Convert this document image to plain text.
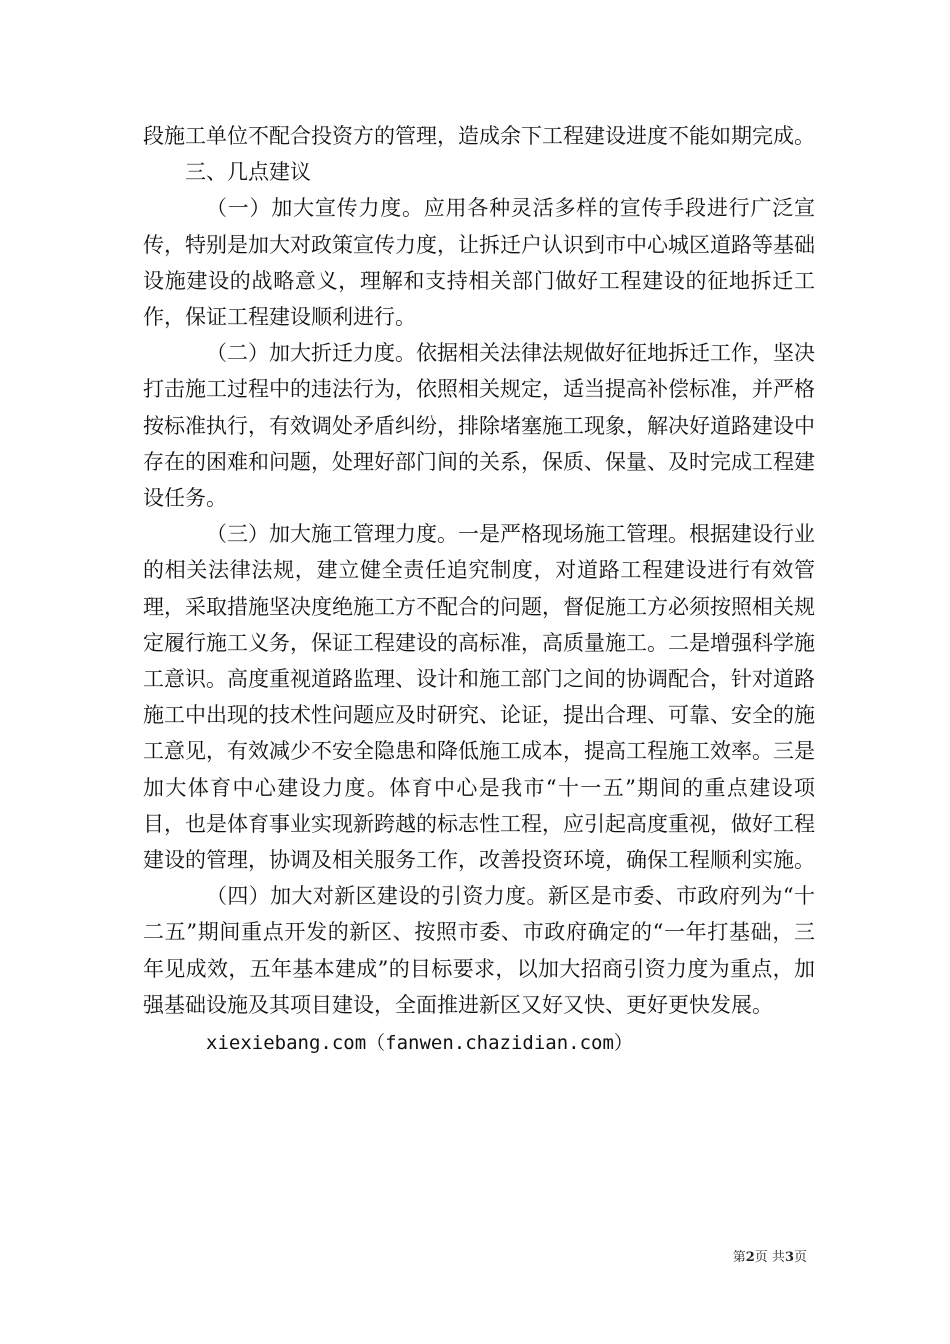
段施工单位不配合投资方的管理，造成余下工程建设进度不能如期完成。

三、几点建议

（一）加大宣传力度。应用各种灵活多样的宣传手段进行广泛宣传，特别是加大对政策宣传力度，让拆迁户认识到市中心城区道路等基础设施建设的战略意义，理解和支持相关部门做好工程建设的征地拆迁工作，保证工程建设顺利进行。

（二）加大折迁力度。依据相关法律法规做好征地拆迁工作，坚决打击施工过程中的违法行为，依照相关规定，适当提高补偿标准，并严格按标准执行，有效调处矛盾纠纷，排除堵塞施工现象，解决好道路建设中存在的困难和问题，处理好部门间的关系，保质、保量、及时完成工程建设任务。

（三）加大施工管理力度。一是严格现场施工管理。根据建设行业的相关法律法规，建立健全责任追究制度，对道路工程建设进行有效管理，采取措施坚决度绝施工方不配合的问题，督促施工方必须按照相关规定履行施工义务，保证工程建设的高标准，高质量施工。二是增强科学施工意识。高度重视道路监理、设计和施工部门之间的协调配合，针对道路施工中出现的技术性问题应及时研究、论证，提出合理、可靠、安全的施工意见，有效减少不安全隐患和降低施工成本，提高工程施工效率。三是加大体育中心建设力度。体育中心是我市“十一五”期间的重点建设项目，也是体育事业实现新跨越的标志性工程，应引起高度重视，做好工程建设的管理，协调及相关服务工作，改善投资环境，确保工程顺利实施。

（四）加大对新区建设的引资力度。新区是市委、市政府列为“十二五”期间重点开发的新区、按照市委、市政府确定的“一年打基础，三年见成效，五年基本建成”的目标要求，以加大招商引资力度为重点，加强基础设施及其项目建设，全面推进新区又好又快、更好更快发展。

xiexiebang.com（fanwen.chazidian.com）

第2页 共3页
